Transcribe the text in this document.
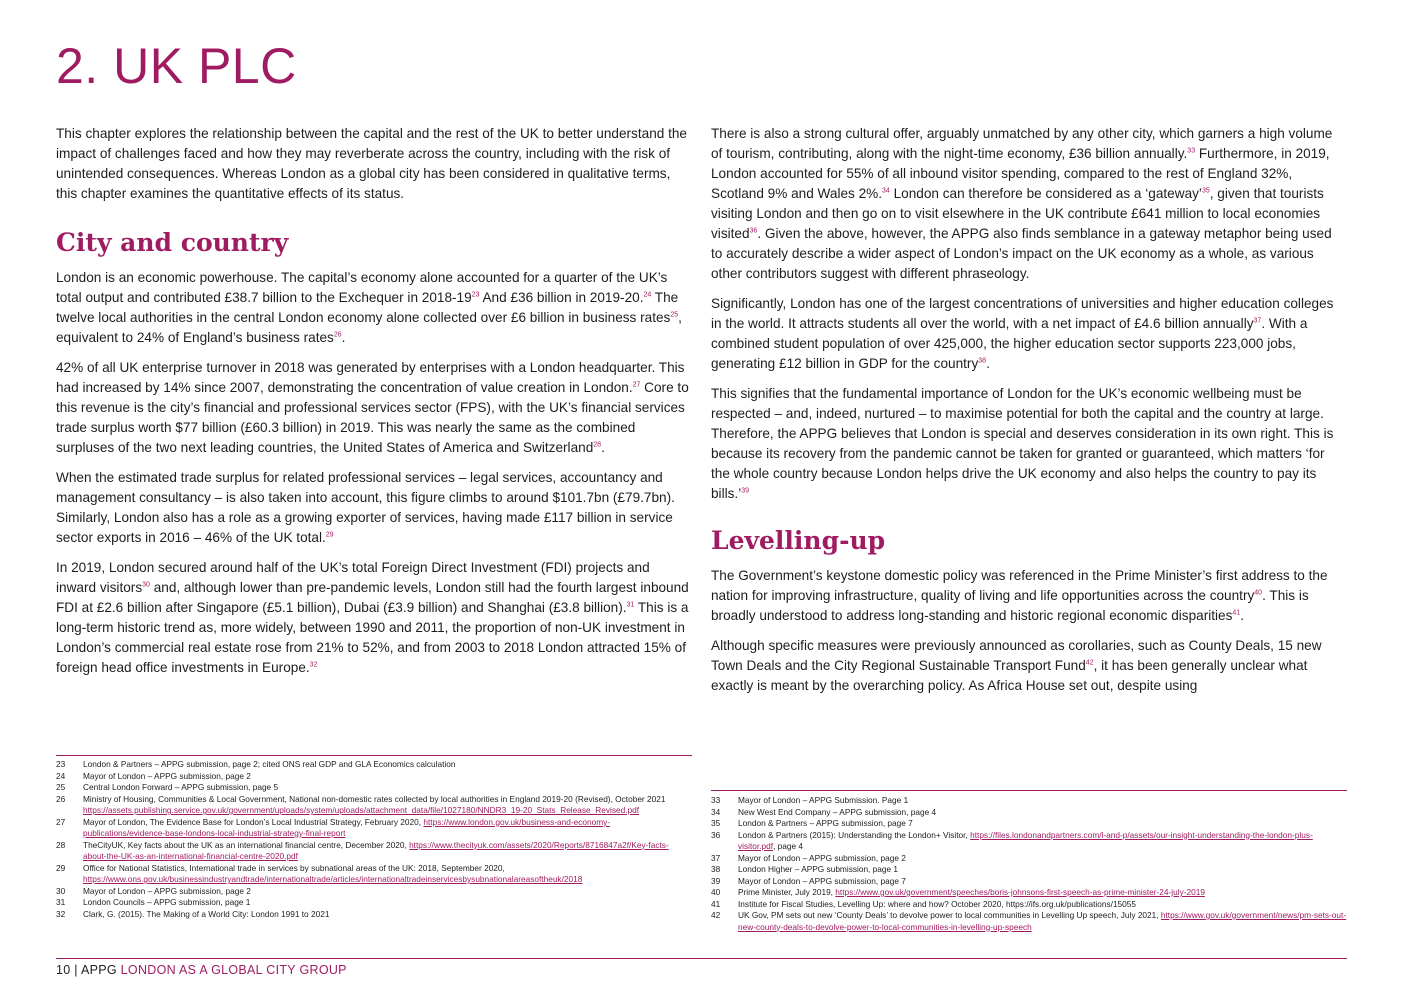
2. UK PLC

This chapter explores the relationship between the capital and the rest of the UK to better understand the impact of challenges faced and how they may reverberate across the country, including with the risk of unintended consequences. Whereas London as a global city has been considered in qualitative terms, this chapter examines the quantitative effects of its status.

City and country

London is an economic powerhouse. The capital’s economy alone accounted for a quarter of the UK’s total output and contributed £38.7 billion to the Exchequer in 2018-19$^{23}$ And £36 billion in 2019-20.24 The twelve local authorities in the central London economy alone collected over £6 billion in business rates$^{25}$, equivalent to 24% of England’s business rates$^{26}$.

42% of all UK enterprise turnover in 2018 was generated by enterprises with a London headquarter. This had increased by 14% since 2007, demonstrating the concentration of value creation in London.$^{27}$ Core to this revenue is the city’s financial and professional services sector (FPS), with the UK’s financial services trade surplus worth $77 billion (£60.3 billion) in 2019. This was nearly the same as the combined surpluses of the two next leading countries, the United States of America and Switzerland$^{28}$.

When the estimated trade surplus for related professional services – legal services, accountancy and management consultancy – is also taken into account, this figure climbs to around $101.7bn (£79.7bn). Similarly, London also has a role as a growing exporter of services, having made £117 billion in service sector exports in 2016 – 46% of the UK total.$^{29}$

In 2019, London secured around half of the UK’s total Foreign Direct Investment (FDI) projects and inward visitors$^{30}$ and, although lower than pre-pandemic levels, London still had the fourth largest inbound FDI at £2.6 billion after Singapore (£5.1 billion), Dubai (£3.9 billion) and Shanghai (£3.8 billion).$^{31}$ This is a long-term historic trend as, more widely, between 1990 and 2011, the proportion of non-UK investment in London’s commercial real estate rose from 21% to 52%, and from 2003 to 2018 London attracted 15% of foreign head office investments in Europe.$^{32}$

There is also a strong cultural offer, arguably unmatched by any other city, which garners a high volume of tourism, contributing, along with the night-time economy, £36 billion annually.$^{33}$ Furthermore, in 2019, London accounted for 55% of all inbound visitor spending, compared to the rest of England 32%, Scotland 9% and Wales 2%.$^{34}$ London can therefore be considered as a ‘gateway’$^{35}$, given that tourists visiting London and then go on to visit elsewhere in the UK contribute £641 million to local economies visited$^{36}$. Given the above, however, the APPG also finds semblance in a gateway metaphor being used to accurately describe a wider aspect of London’s impact on the UK economy as a whole, as various other contributors suggest with different phraseology.

Significantly, London has one of the largest concentrations of universities and higher education colleges in the world. It attracts students all over the world, with a net impact of £4.6 billion annually$^{37}$. With a combined student population of over 425,000, the higher education sector supports 223,000 jobs, generating £12 billion in GDP for the country$^{38}$.

This signifies that the fundamental importance of London for the UK’s economic wellbeing must be respected – and, indeed, nurtured – to maximise potential for both the capital and the country at large. Therefore, the APPG believes that London is special and deserves consideration in its own right. This is because its recovery from the pandemic cannot be taken for granted or guaranteed, which matters ‘for the whole country because London helps drive the UK economy and also helps the country to pay its bills.’$^{39}$

Levelling-up

The Government’s keystone domestic policy was referenced in the Prime Minister’s first address to the nation for improving infrastructure, quality of living and life opportunities across the country$^{40}$. This is broadly understood to address long-standing and historic regional economic disparities$^{41}$.

Although specific measures were previously announced as corollaries, such as County Deals, 15 new Town Deals and the City Regional Sustainable Transport Fund$^{42}$, it has been generally unclear what exactly is meant by the overarching policy. As Africa House set out, despite using

23	London & Partners – APPG submission, page 2; cited ONS real GDP and GLA Economics calculation
24	Mayor of London – APPG submission, page 2
25	Central London Forward – APPG submission, page 5
26	Ministry of Housing, Communities & Local Government, National non-domestic rates collected by local authorities in England 2019-20 (Revised), October 2021 https://assets.publishing.service.gov.uk/government/uploads/system/uploads/attachment_data/file/1027180/NNDR3_19-20_Stats_Release_Revised.pdf
27	Mayor of London, The Evidence Base for London’s Local Industrial Strategy, February 2020, https://www.london.gov.uk/business-and-economy-publications/evidence-base-londons-local-industrial-strategy-final-report
28	TheCityUK, Key facts about the UK as an international financial centre, December 2020, https://www.thecityuk.com/assets/2020/Reports/8716847a2f/Key-facts-about-the-UK-as-an-international-financial-centre-2020.pdf
29	Office for National Statistics, International trade in services by subnational areas of the UK: 2018, September 2020, https://www.ons.gov.uk/businessindustryandtrade/internationaltrade/articles/internationaltradeinservicesbysubnationalareasoftheuk/2018
30	Mayor of London – APPG submission, page 2
31	London Councils – APPG submission, page 1
32	Clark, G. (2015). The Making of a World City: London 1991 to 2021
33	Mayor of London – APPG Submission. Page 1
34	New West End Company – APPG submission, page 4
35	London & Partners – APPG submission, page 7
36	London & Partners (2015): Understanding the London+ Visitor, https://files.londonandpartners.com/l-and-p/assets/our-insight-understanding-the-london-plus-visitor.pdf, page 4
37	Mayor of London – APPG submission, page 2
38	London Higher – APPG submission, page 1
39	Mayor of London – APPG submission, page 7
40	Prime Minister, July 2019, https://www.gov.uk/government/speeches/boris-johnsons-first-speech-as-prime-minister-24-july-2019
41	Institute for Fiscal Studies, Levelling Up: where and how? October 2020, https://ifs.org.uk/publications/15055
42	UK Gov, PM sets out new ‘County Deals’ to devolve power to local communities in Levelling Up speech, July 2021, https://www.gov.uk/government/news/pm-sets-out-new-county-deals-to-devolve-power-to-local-communities-in-levelling-up-speech
10 | APPG LONDON AS A GLOBAL CITY GROUP
